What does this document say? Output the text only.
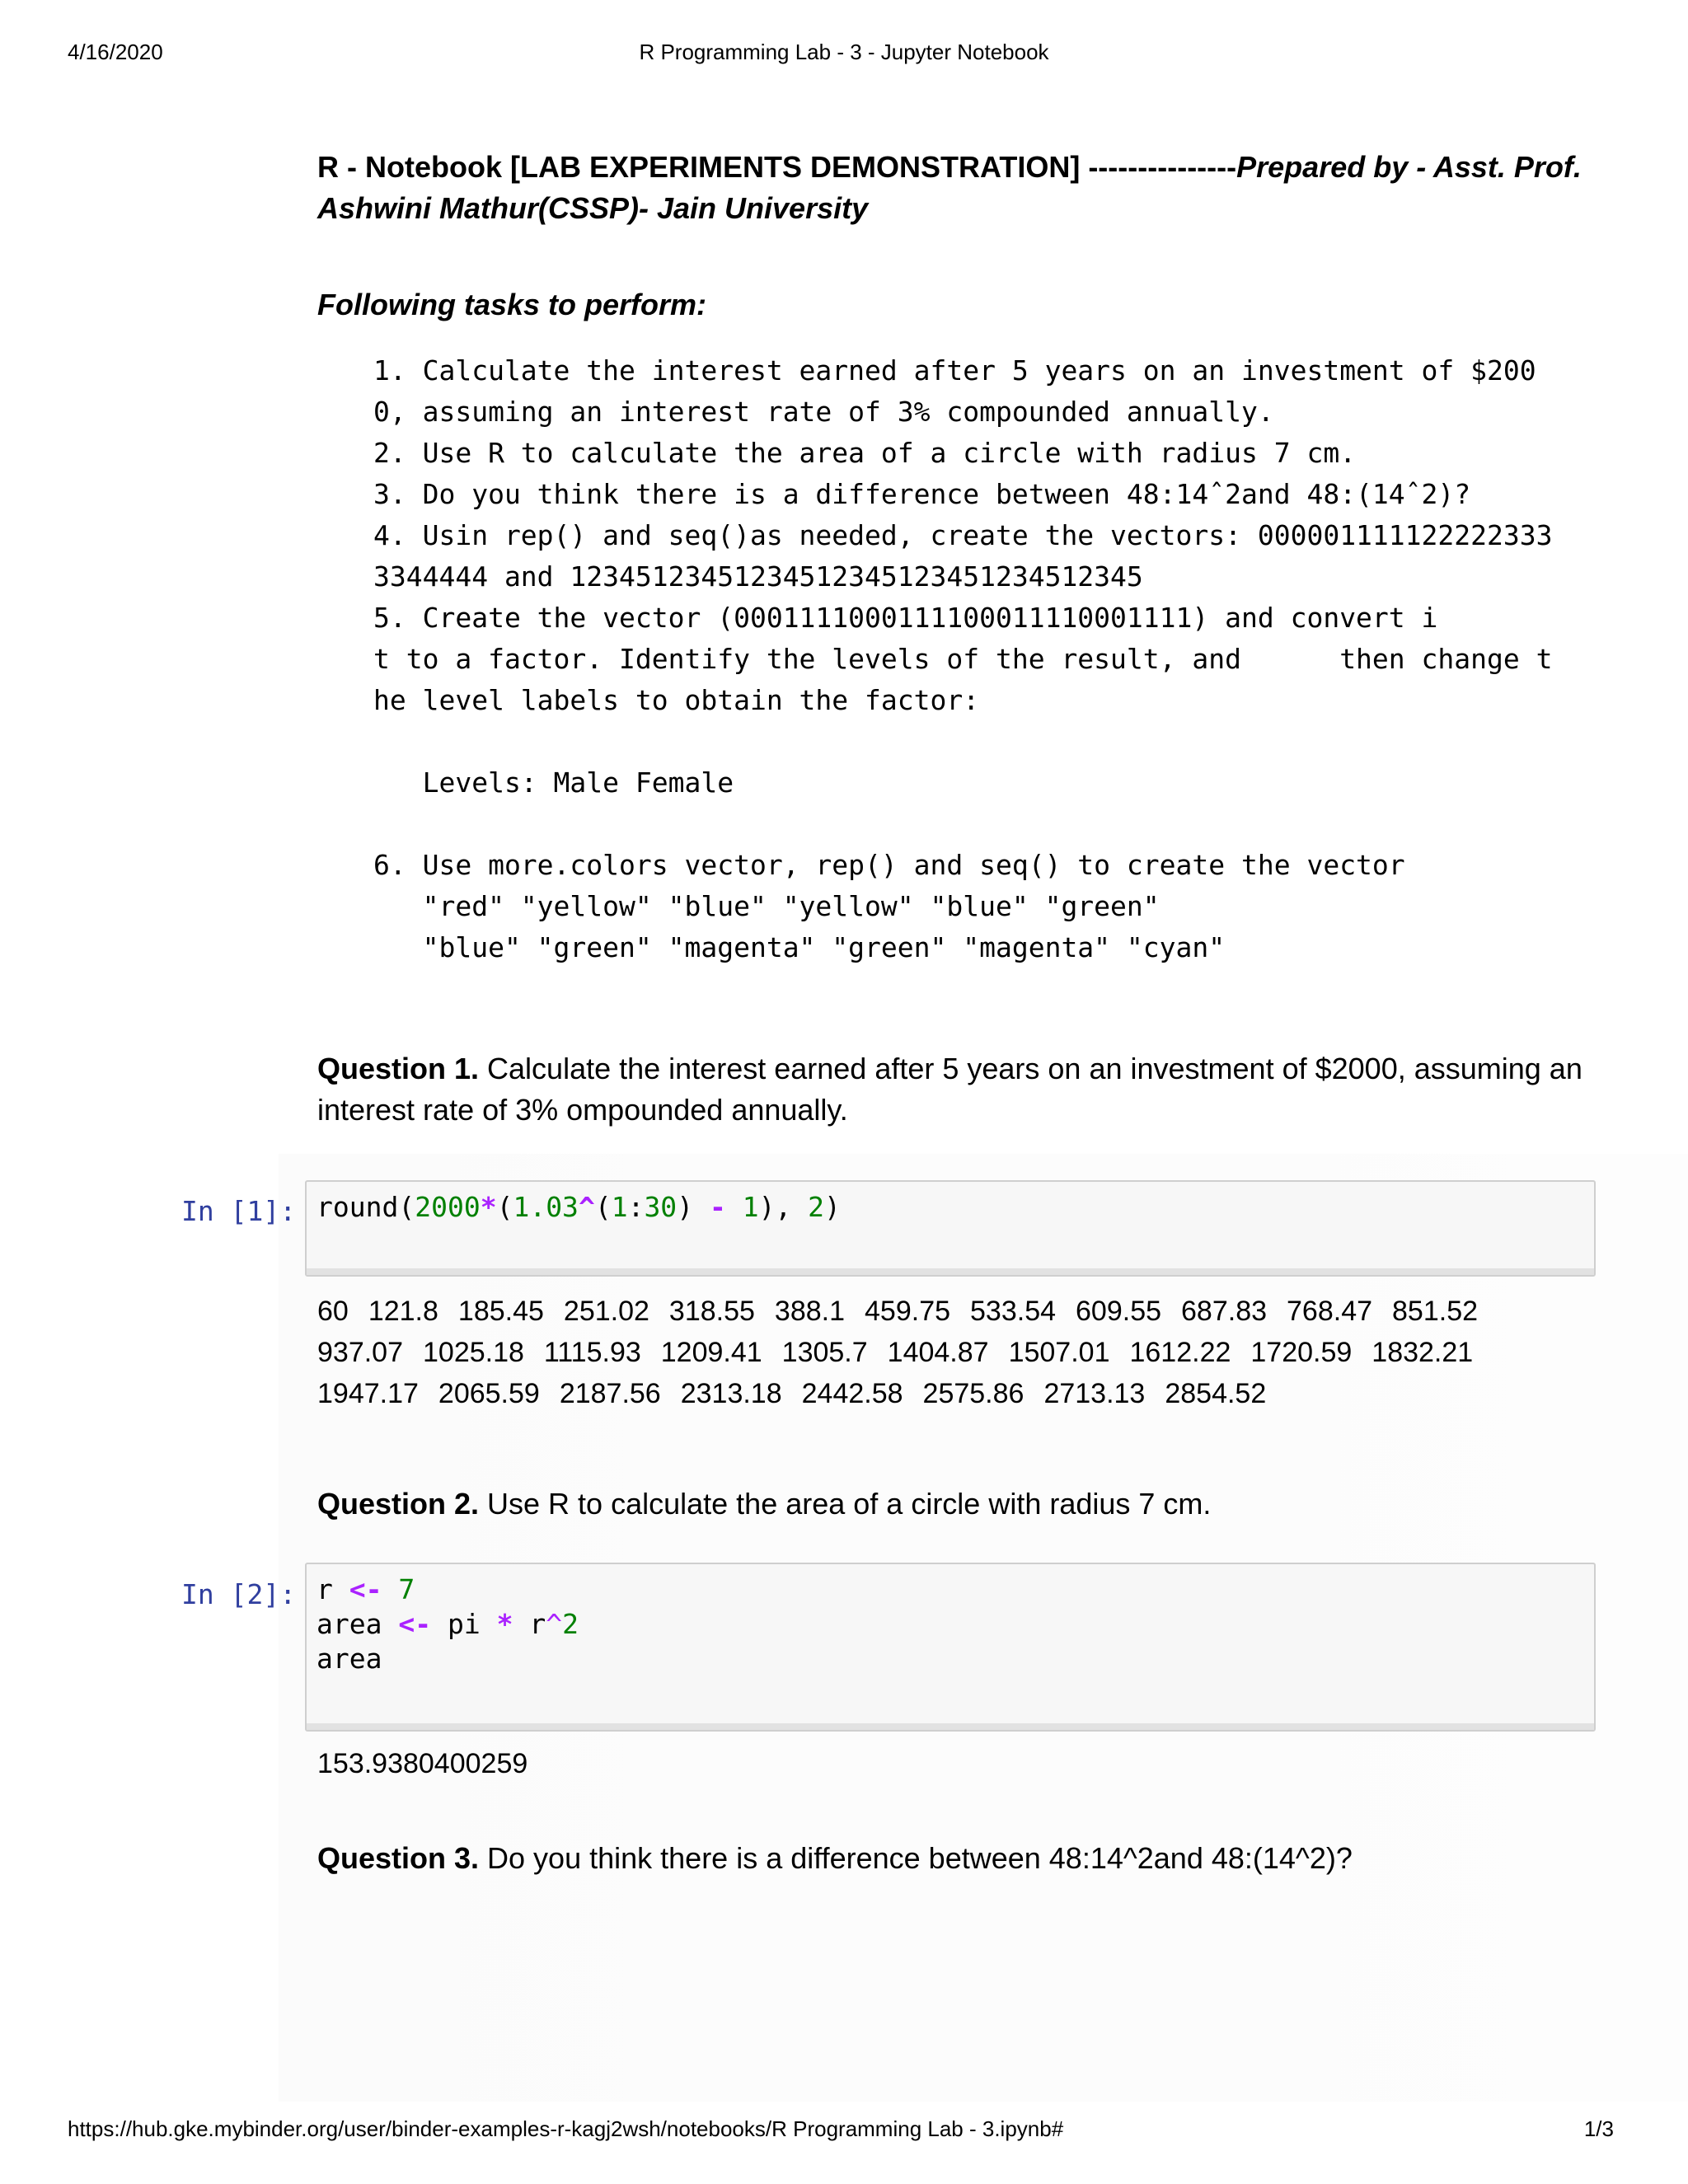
4/16/2020	R Programming Lab - 3 - Jupyter Notebook
R - Notebook [LAB EXPERIMENTS DEMONSTRATION] ---------------Prepared by - Asst. Prof. Ashwini Mathur(CSSP)- Jain University
Following tasks to perform:
1. Calculate the interest earned after 5 years on an investment of $200
0, assuming an interest rate of 3% compounded annually.
2. Use R to calculate the area of a circle with radius 7 cm.
3. Do you think there is a difference between 48:14ˆ2and 48:(14ˆ2)?
4. Usin rep() and seq()as needed, create the vectors: 000001111122222333
3344444 and 12345123451234512345123451234512345
5. Create the vector (0001111000111100011110001111) and convert i
t to a factor. Identify the levels of the result, and      then change t
he level labels to obtain the factor:

Levels: Male Female

6. Use more.colors vector, rep() and seq() to create the vector
"red" "yellow" "blue" "yellow" "blue" "green"
"blue" "green" "magenta" "green" "magenta" "cyan"
Question 1. Calculate the interest earned after 5 years on an investment of $2000, assuming an interest rate of 3% ompounded annually.
In [1]: round(2000*(1.03^(1:30) - 1), 2)
60 121.8 185.45 251.02 318.55 388.1 459.75 533.54 609.55 687.83 768.47 851.52
937.07 1025.18 1115.93 1209.41 1305.7 1404.87 1507.01 1612.22 1720.59 1832.21
1947.17 2065.59 2187.56 2313.18 2442.58 2575.86 2713.13 2854.52
Question 2. Use R to calculate the area of a circle with radius 7 cm.
In [2]: r <- 7
area <- pi * r^2
area
153.9380400259
Question 3. Do you think there is a difference between 48:14^2and 48:(14^2)?
https://hub.gke.mybinder.org/user/binder-examples-r-kagj2wsh/notebooks/R Programming Lab - 3.ipynb#	1/3
